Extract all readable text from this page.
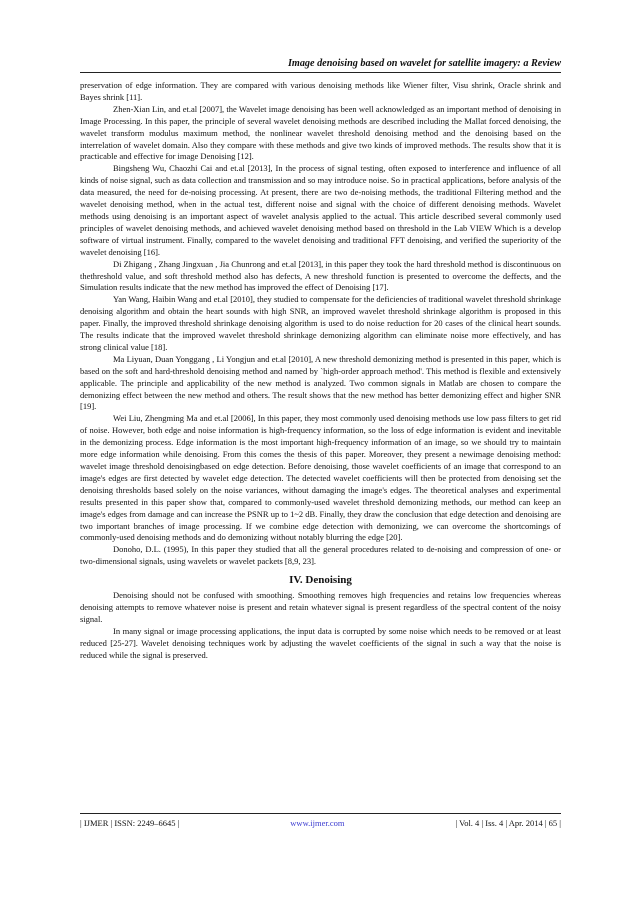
Image denoising based on wavelet for satellite imagery: a Review

preservation of edge information. They are compared with various denoising methods like Wiener filter, Visu shrink, Oracle shrink and Bayes shrink [11].

Zhen-Xian Lin, and et.al [2007], the Wavelet image denoising has been well acknowledged as an important method of denoising in Image Processing. In this paper, the principle of several wavelet denoising methods are described including the Mallat forced denoising, the wavelet transform modulus maximum method, the nonlinear wavelet threshold denoising method and the denoising based on the interrelation of wavelet domain. Also they compare with these methods and give two kinds of improved methods. The results show that it is practicable and effective for image Denoising [12].

Bingsheng Wu, Chaozhi Cai and et.al [2013], In the process of signal testing, often exposed to interference and influence of all kinds of noise signal, such as data collection and transmission and so may introduce noise. So in practical applications, before analysis of the data measured, the need for de-noising processing. At present, there are two de-noising methods, the traditional Filtering method and the wavelet denoising method, when in the actual test, different noise and signal with the choice of different denoising methods. Wavelet methods using denoising is an important aspect of wavelet analysis applied to the actual. This article described several commonly used principles of wavelet denoising methods, and achieved wavelet denoising method based on threshold in the Lab VIEW Which is a develop software of virtual instrument. Finally, compared to the wavelet denoising and traditional FFT denoising, and verified the superiority of the wavelet denoising [16].

Di Zhigang , Zhang Jingxuan , Jia Chunrong and et.al [2013], in this paper they took the hard threshold method is discontinuous on thethreshold value, and soft threshold method also has defects, A new threshold function is presented to overcome the deffects, and the Simulation results indicate that the new method has improved the effect of Denoising [17].

Yan Wang, Haibin Wang and et.al [2010], they studied to compensate for the deficiencies of traditional wavelet threshold shrinkage denoising algorithm and obtain the heart sounds with high SNR, an improved wavelet threshold shrinkage algorithm is proposed in this paper. Finally, the improved threshold shrinkage denoising algorithm is used to do noise reduction for 20 cases of the clinical heart sounds. The results indicate that the improved wavelet threshold shrinkage demonizing algorithm can eliminate noise more effectively, and has strong clinical value [18].

Ma Liyuan, Duan Yonggang , Li Yongjun and et.al [2010], A new threshold demonizing method is presented in this paper, which is based on the soft and hard-threshold denoising method and named by `high-order approach method'. This method is flexible and extensively applicable. The principle and applicability of the new method is analyzed. Two common signals in Matlab are chosen to compare the demonizing effect between the new method and others. The result shows that the new method has better demonizing effect and higher SNR [19].

Wei Liu, Zhengming Ma and et.al [2006], In this paper, they most commonly used denoising methods use low pass filters to get rid of noise. However, both edge and noise information is high-frequency information, so the loss of edge information is evident and inevitable in the demonizing process. Edge information is the most important high-frequency information of an image, so we should try to maintain more edge information while denoising. From this comes the thesis of this paper. Moreover, they present a newimage denoising method: wavelet image threshold denoisingbased on edge detection. Before denoising, those wavelet coefficients of an image that correspond to an image's edges are first detected by wavelet edge detection. The detected wavelet coefficients will then be protected from denoising set the denoising thresholds based solely on the noise variances, without damaging the image's edges. The theoretical analyses and experimental results presented in this paper show that, compared to commonly-used wavelet threshold demonizing methods, our method can keep an image's edges from damage and can increase the PSNR up to 1~2 dB. Finally, they draw the conclusion that edge detection and denoising are two important branches of image processing. If we combine edge detection with demonizing, we can overcome the shortcomings of commonly-used denoising methods and do demonizing without notably blurring the edge [20].

Donoho, D.L. (1995), In this paper they studied that all the general procedures related to de-noising and compression of one- or two-dimensional signals, using wavelets or wavelet packets [8,9, 23].

IV. Denoising

Denoising should not be confused with smoothing. Smoothing removes high frequencies and retains low frequencies whereas denoising attempts to remove whatever noise is present and retain whatever signal is present regardless of the spectral content of the noisy signal.

In many signal or image processing applications, the input data is corrupted by some noise which needs to be removed or at least reduced [25-27]. Wavelet denoising techniques work by adjusting the wavelet coefficients of the signal in such a way that the noise is reduced while the signal is preserved.

| IJMER | ISSN: 2249–6645 |	www.ijmer.com	| Vol. 4 | Iss. 4 | Apr. 2014 | 65 |
